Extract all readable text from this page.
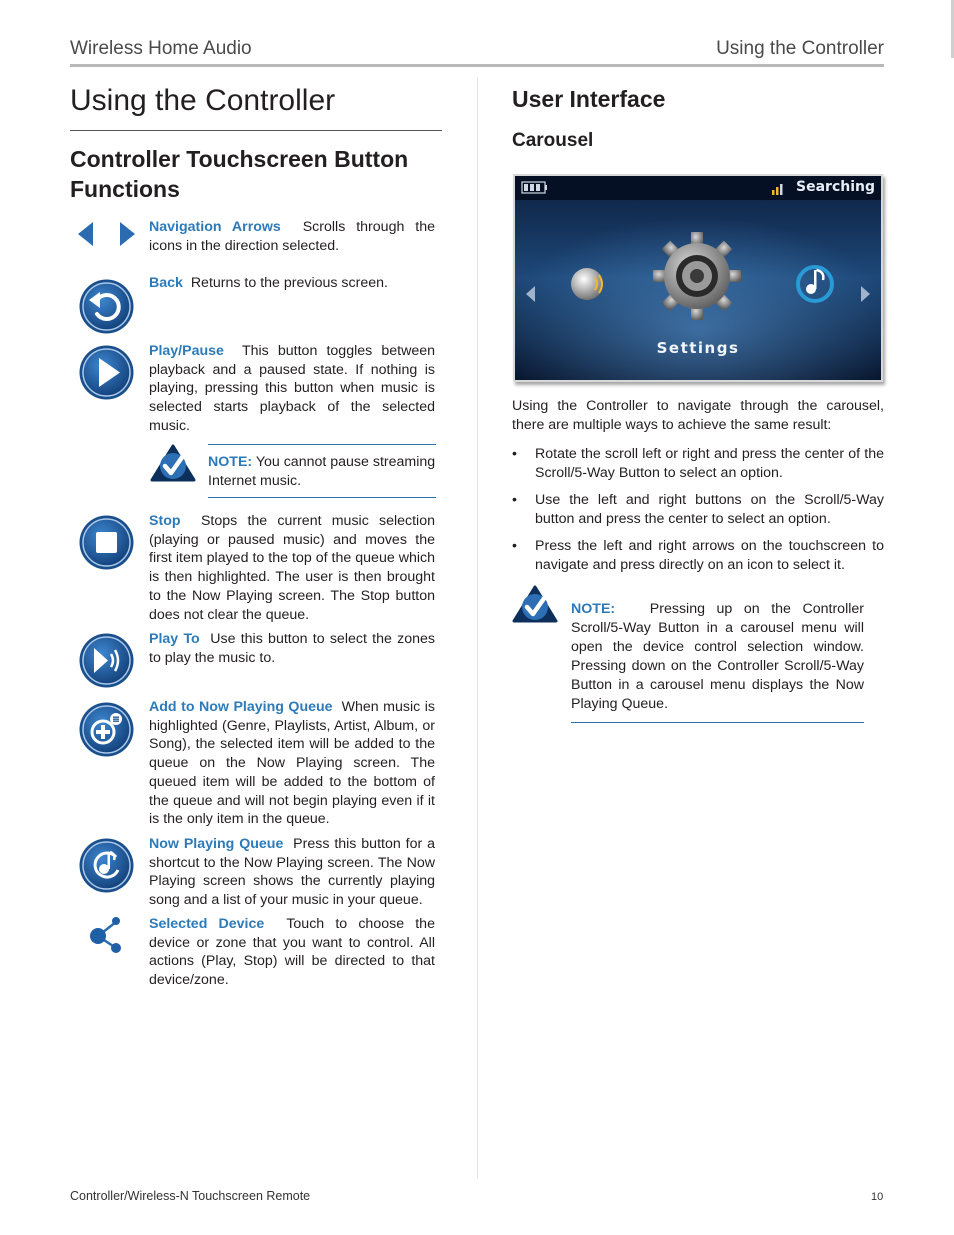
Wireless Home Audio	Using the Controller
Using the Controller
Controller Touchscreen Button Functions
Navigation Arrows Scrolls through the icons in the direction selected.
Back Returns to the previous screen.
Play/Pause This button toggles between playback and a paused state. If nothing is playing, pressing this button when music is selected starts playback of the selected music.
NOTE: You cannot pause streaming Internet music.
Stop Stops the current music selection (playing or paused music) and moves the first item played to the top of the queue which is then highlighted. The user is then brought to the Now Playing screen. The Stop button does not clear the queue.
Play To Use this button to select the zones to play the music to.
Add to Now Playing Queue When music is highlighted (Genre, Playlists, Artist, Album, or Song), the selected item will be added to the queue on the Now Playing screen. The queued item will be added to the bottom of the queue and will not begin playing even if it is the only item in the queue.
Now Playing Queue Press this button for a shortcut to the Now Playing screen. The Now Playing screen shows the currently playing song and a list of your music in your queue.
Selected Device Touch to choose the device or zone that you want to control. All actions (Play, Stop) will be directed to that device/zone.
User Interface
Carousel
Searching
Settings

Using the Controller to navigate through the carousel, there are multiple ways to achieve the same result:

• Rotate the scroll left or right and press the center of the Scroll/5-Way Button to select an option.
• Use the left and right buttons on the Scroll/5-Way button and press the center to select an option.
• Press the left and right arrows on the touchscreen to navigate and press directly on an icon to select it.
NOTE: Pressing up on the Controller Scroll/5-Way Button in a carousel menu will open the device control selection window. Pressing down on the Controller Scroll/5-Way Button in a carousel menu displays the Now Playing Queue.
Controller/Wireless-N Touchscreen Remote	10
